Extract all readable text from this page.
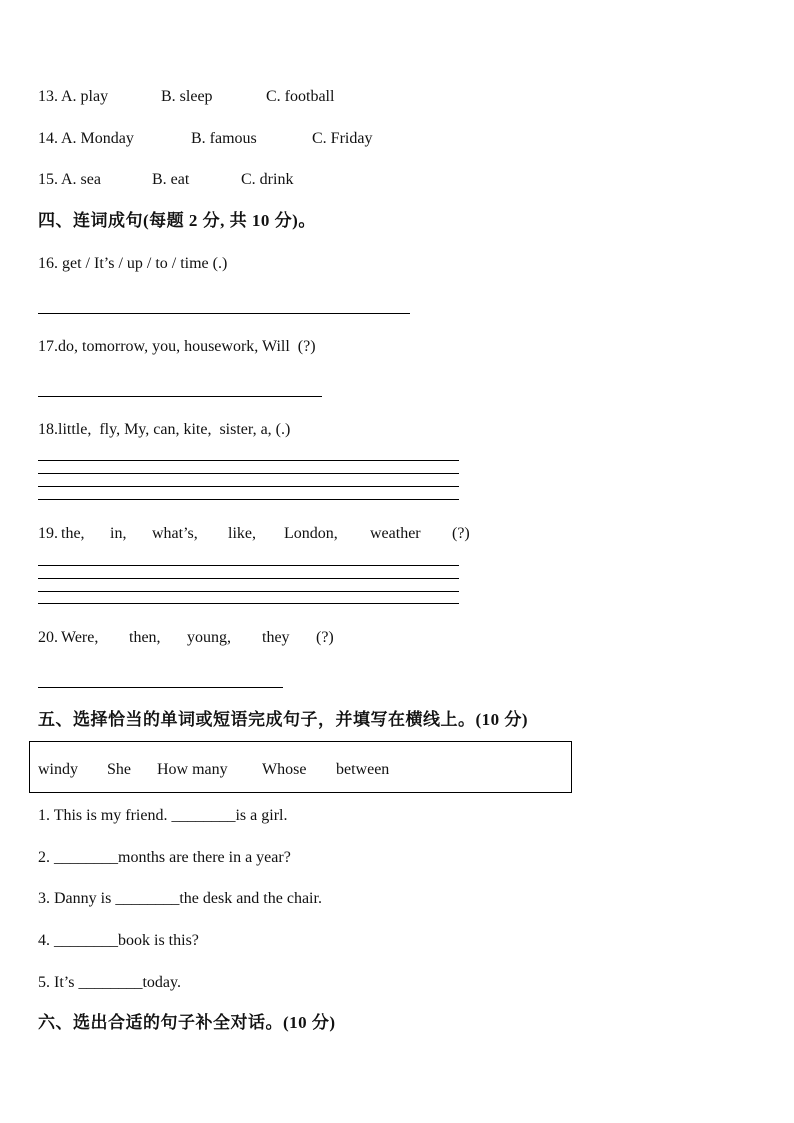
13. A. play	B. sleep	C. football
14. A. Monday	B. famous	C. Friday
15. A. sea	B. eat	C. drink
四、连词成句(每题 2 分, 共 10 分)。
16. get / It’s / up / to / time (.)
17.do, tomorrow, you, housework, Will  (?)
18.little,  fly, My, can, kite,  sister, a, (.)
19. the, in, what’s, like, London, weather (?)
20. Were, then, young, they (?)
五、选择恰当的单词或短语完成句子，并填写在横线上。(10 分)
windy She How many Whose between
1. This is my friend. ________is a girl.
2. ________months are there in a year?
3. Danny is ________the desk and the chair.
4. ________book is this?
5. It’s ________today.
六、选出合适的句子补全对话。(10 分)
